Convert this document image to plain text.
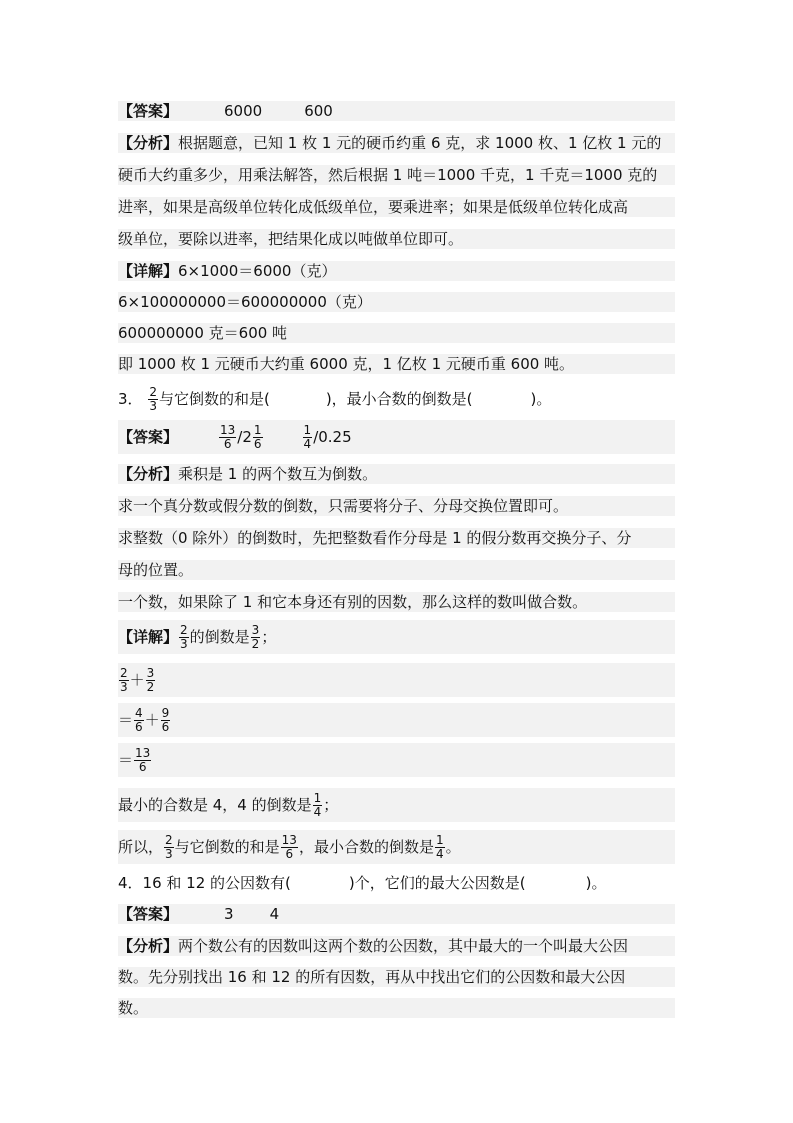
【答案】	6000	600
【分析】根据题意，已知 1 枚 1 元的硬币约重 6 克，求 1000 枚、1 亿枚 1 元的
硬币大约重多少，用乘法解答，然后根据 1 吨＝1000 千克，1 千克＝1000 克的
进率，如果是高级单位转化成低级单位，要乘进率；如果是低级单位转化成高
级单位，要除以进率，把结果化成以吨做单位即可。
【详解】6×1000＝6000（克）
6×100000000＝600000000（克）
600000000 克＝600 吨
即 1000 枚 1 元硬币大约重 6000 克，1 亿枚 1 元硬币重 600 吨。
3． $\frac{2}{3}$ 与它倒数的和是(	)，最小合数的倒数是(	)。
【答案】	$\frac{13}{6} /2 \frac{1}{6}$	$\frac{1}{4} /0.25$
【分析】乘积是 1 的两个数互为倒数。
求一个真分数或假分数的倒数，只需要将分子、分母交换位置即可。
求整数（0 除外）的倒数时，先把整数看作分母是 1 的假分数再交换分子、分
母的位置。
一个数，如果除了 1 和它本身还有别的因数，那么这样的数叫做合数。
【详解】 $\frac{2}{3}$ 的倒数是 $\frac{3}{2}$ ；
$\frac{2}{3} + \frac{3}{2}$
＝ $\frac{4}{6} + \frac{9}{6}$
＝ $\frac{13}{6}$
最小的合数是 4，4 的倒数是 $\frac{1}{4}$ ；
所以， $\frac{2}{3}$ 与它倒数的和是 $\frac{13}{6}$ ，最小合数的倒数是 $\frac{1}{4}$ 。
4．16 和 12 的公因数有(	)个，它们的最大公因数是(	)。
【答案】	3 4
【分析】两个数公有的因数叫这两个数的公因数，其中最大的一个叫最大公因
数。先分别找出 16 和 12 的所有因数，再从中找出它们的公因数和最大公因
数。
